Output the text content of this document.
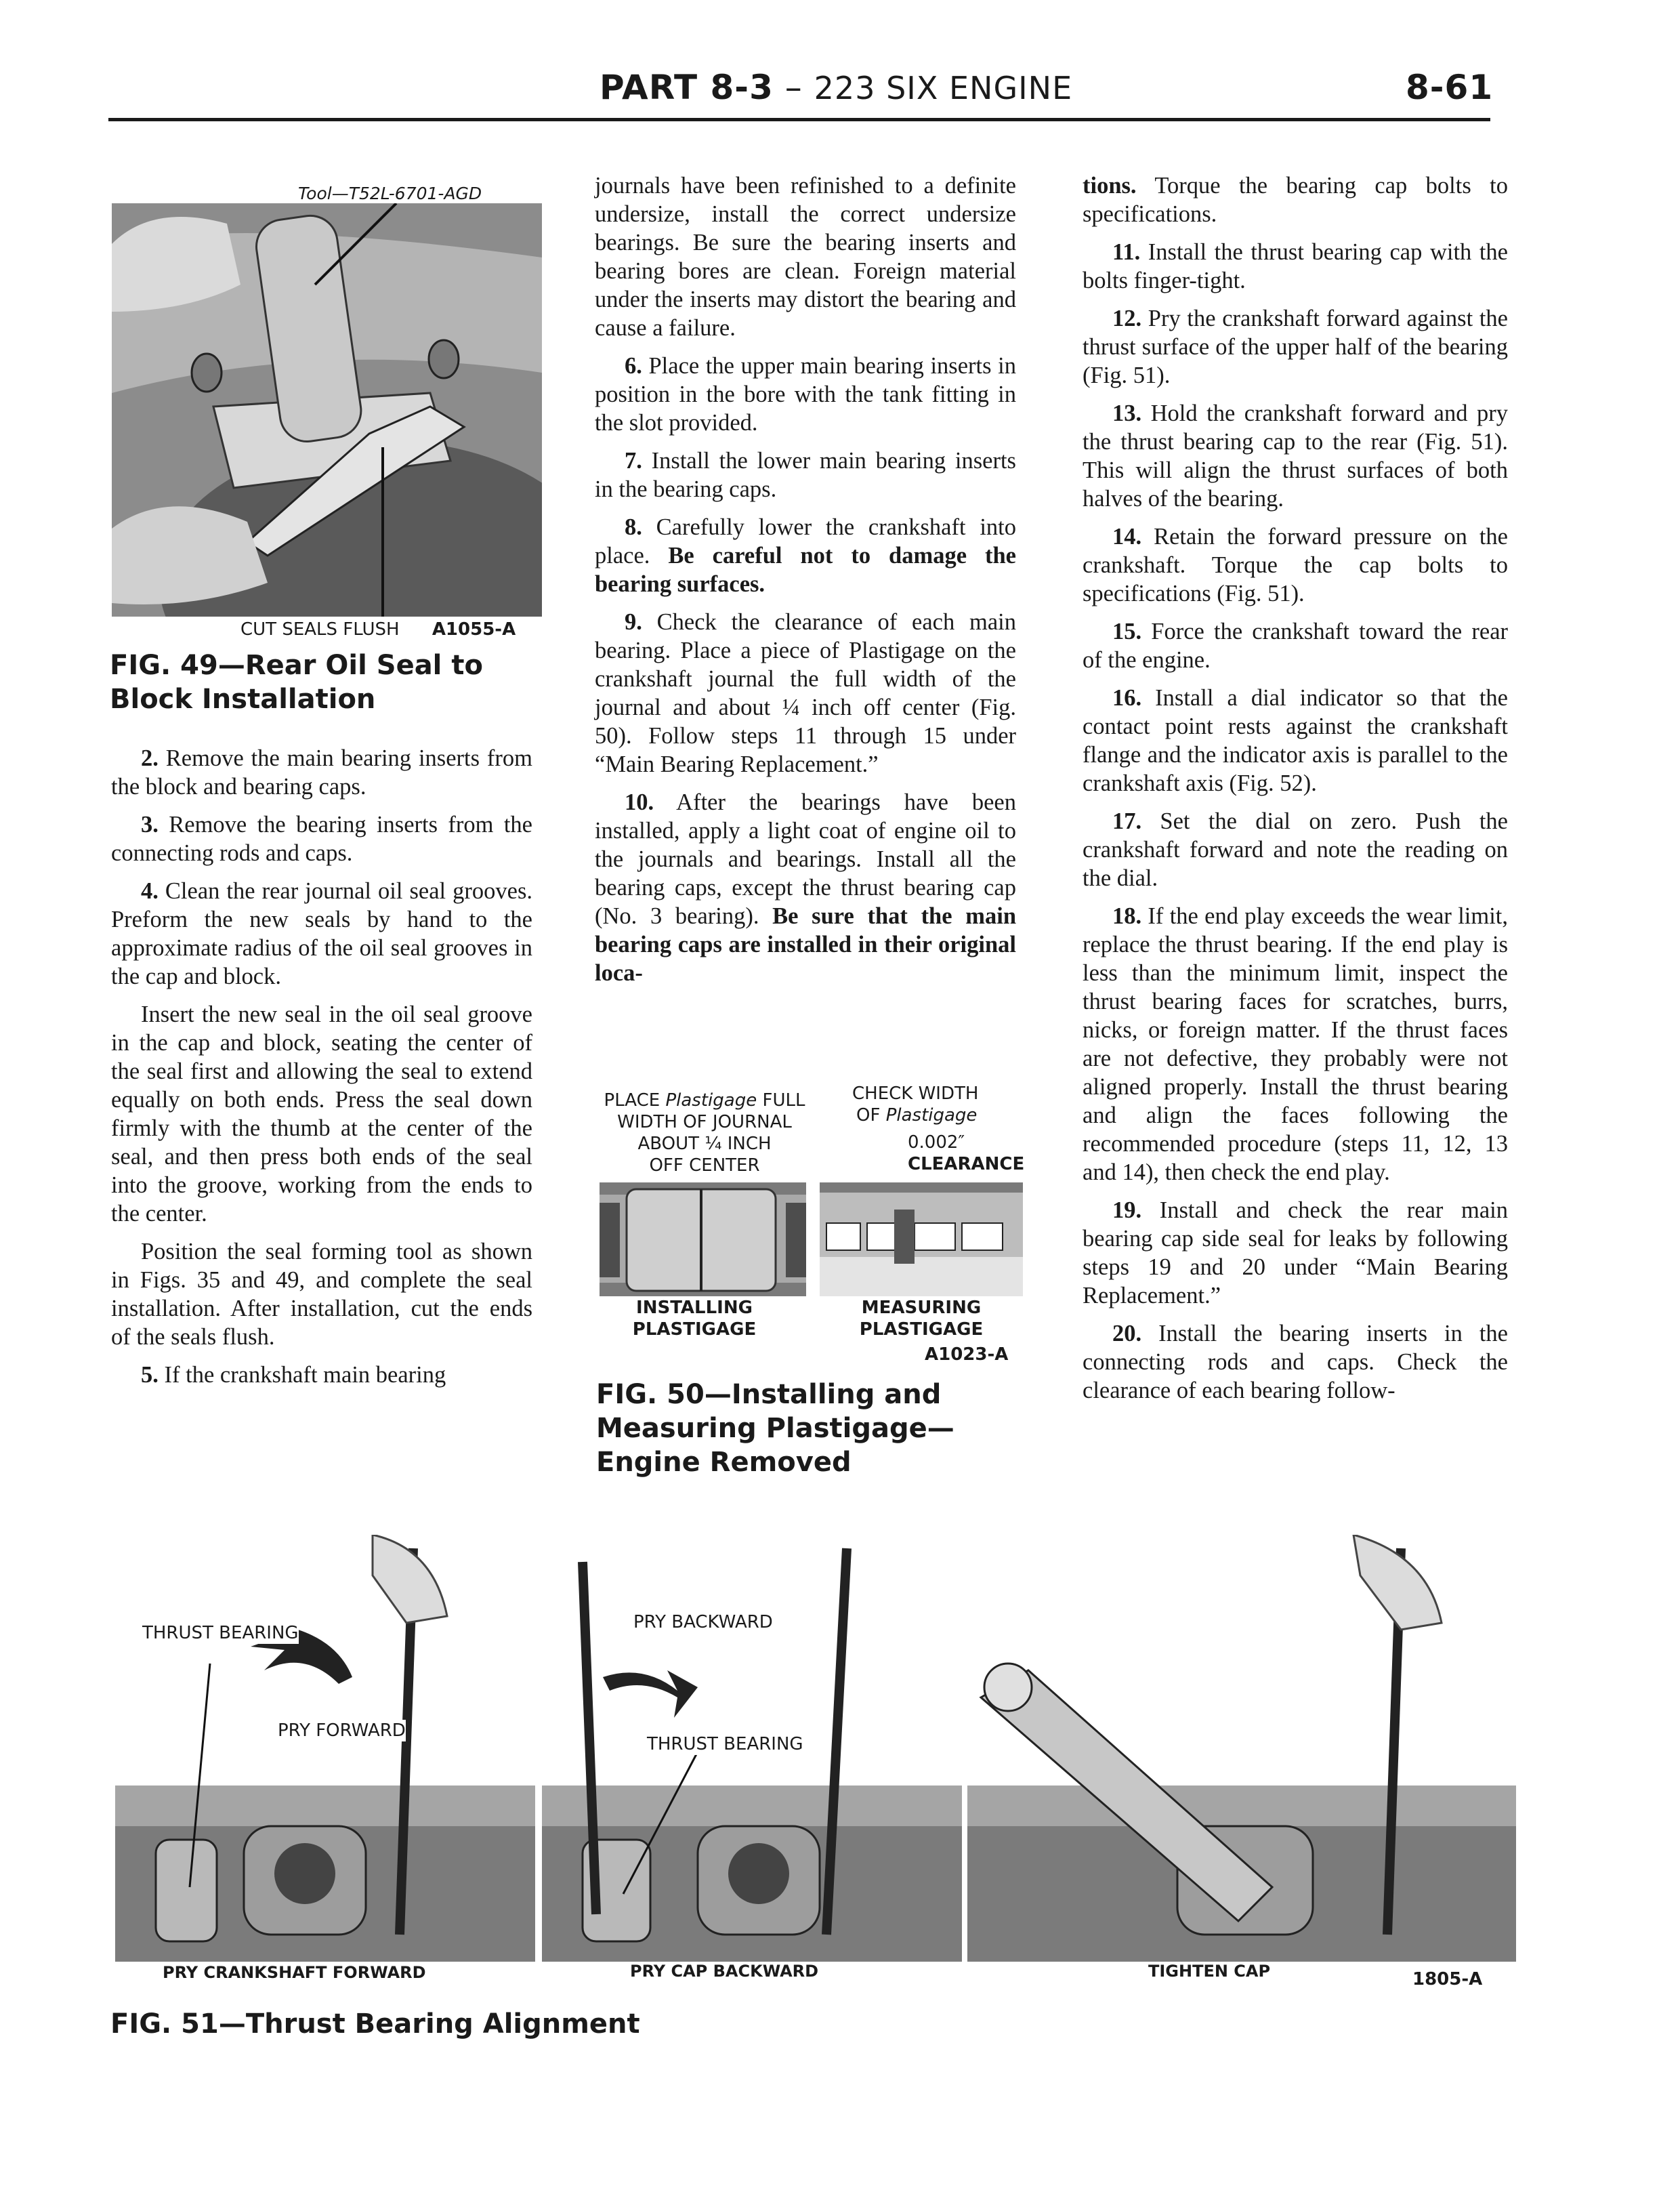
PART 8-3 – 223 SIX ENGINE	8-61
Tool—T52L-6701-AGD
CUT SEALS FLUSH A1055-A
FIG. 49—Rear Oil Seal to Block Installation

2. Remove the main bearing inserts from the block and bearing caps.

3. Remove the bearing inserts from the connecting rods and caps.

4. Clean the rear journal oil seal grooves. Preform the new seals by hand to the approximate radius of the oil seal grooves in the cap and block.

Insert the new seal in the oil seal groove in the cap and block, seating the center of the seal first and allowing the seal to extend equally on both ends. Press the seal down firmly with the thumb at the center of the seal, and then press both ends of the seal into the groove, working from the ends to the center.

Position the seal forming tool as shown in Figs. 35 and 49, and complete the seal installation. After installation, cut the ends of the seals flush.

5. If the crankshaft main bearing

journals have been refinished to a definite undersize, install the correct undersize bearings. Be sure the bearing inserts and bearing bores are clean. Foreign material under the inserts may distort the bearing and cause a failure.

6. Place the upper main bearing inserts in position in the bore with the tank fitting in the slot provided.

7. Install the lower main bearing inserts in the bearing caps.

8. Carefully lower the crankshaft into place. Be careful not to damage the bearing surfaces.

9. Check the clearance of each main bearing. Place a piece of Plastigage on the crankshaft journal the full width of the journal and about ¼ inch off center (Fig. 50). Follow steps 11 through 15 under “Main Bearing Replacement.”

10. After the bearings have been installed, apply a light coat of engine oil to the journals and bearings. Install all the bearing caps, except the thrust bearing cap (No. 3 bearing). Be sure that the main bearing caps are installed in their original loca-

PLACE Plastigage FULL
WIDTH OF JOURNAL
ABOUT ¼ INCH
OFF CENTER
CHECK WIDTH
OF Plastigage
0.002″
CLEARANCE
INSTALLING
PLASTIGAGE
MEASURING
PLASTIGAGE
A1023-A
FIG. 50—Installing and Measuring Plastigage—Engine Removed

tions. Torque the bearing cap bolts to specifications.

11. Install the thrust bearing cap with the bolts finger-tight.

12. Pry the crankshaft forward against the thrust surface of the upper half of the bearing (Fig. 51).

13. Hold the crankshaft forward and pry the thrust bearing cap to the rear (Fig. 51). This will align the thrust surfaces of both halves of the bearing.

14. Retain the forward pressure on the crankshaft. Torque the cap bolts to specifications (Fig. 51).

15. Force the crankshaft toward the rear of the engine.

16. Install a dial indicator so that the contact point rests against the crankshaft flange and the indicator axis is parallel to the crankshaft axis (Fig. 52).

17. Set the dial on zero. Push the crankshaft forward and note the reading on the dial.

18. If the end play exceeds the wear limit, replace the thrust bearing. If the end play is less than the minimum limit, inspect the thrust bearing faces for scratches, burrs, nicks, or foreign matter. If the thrust faces are not defective, they probably were not aligned properly. Install the thrust bearing and align the faces following the recommended procedure (steps 11, 12, 13 and 14), then check the end play.

19. Install and check the rear main bearing cap side seal for leaks by following steps 19 and 20 under “Main Bearing Replacement.”

20. Install the bearing inserts in the connecting rods and caps. Check the clearance of each bearing follow-

THRUST BEARING
PRY FORWARD
PRY BACKWARD
THRUST BEARING
PRY CRANKSHAFT FORWARD	PRY CAP BACKWARD	TIGHTEN CAP	1805-A
FIG. 51—Thrust Bearing Alignment
